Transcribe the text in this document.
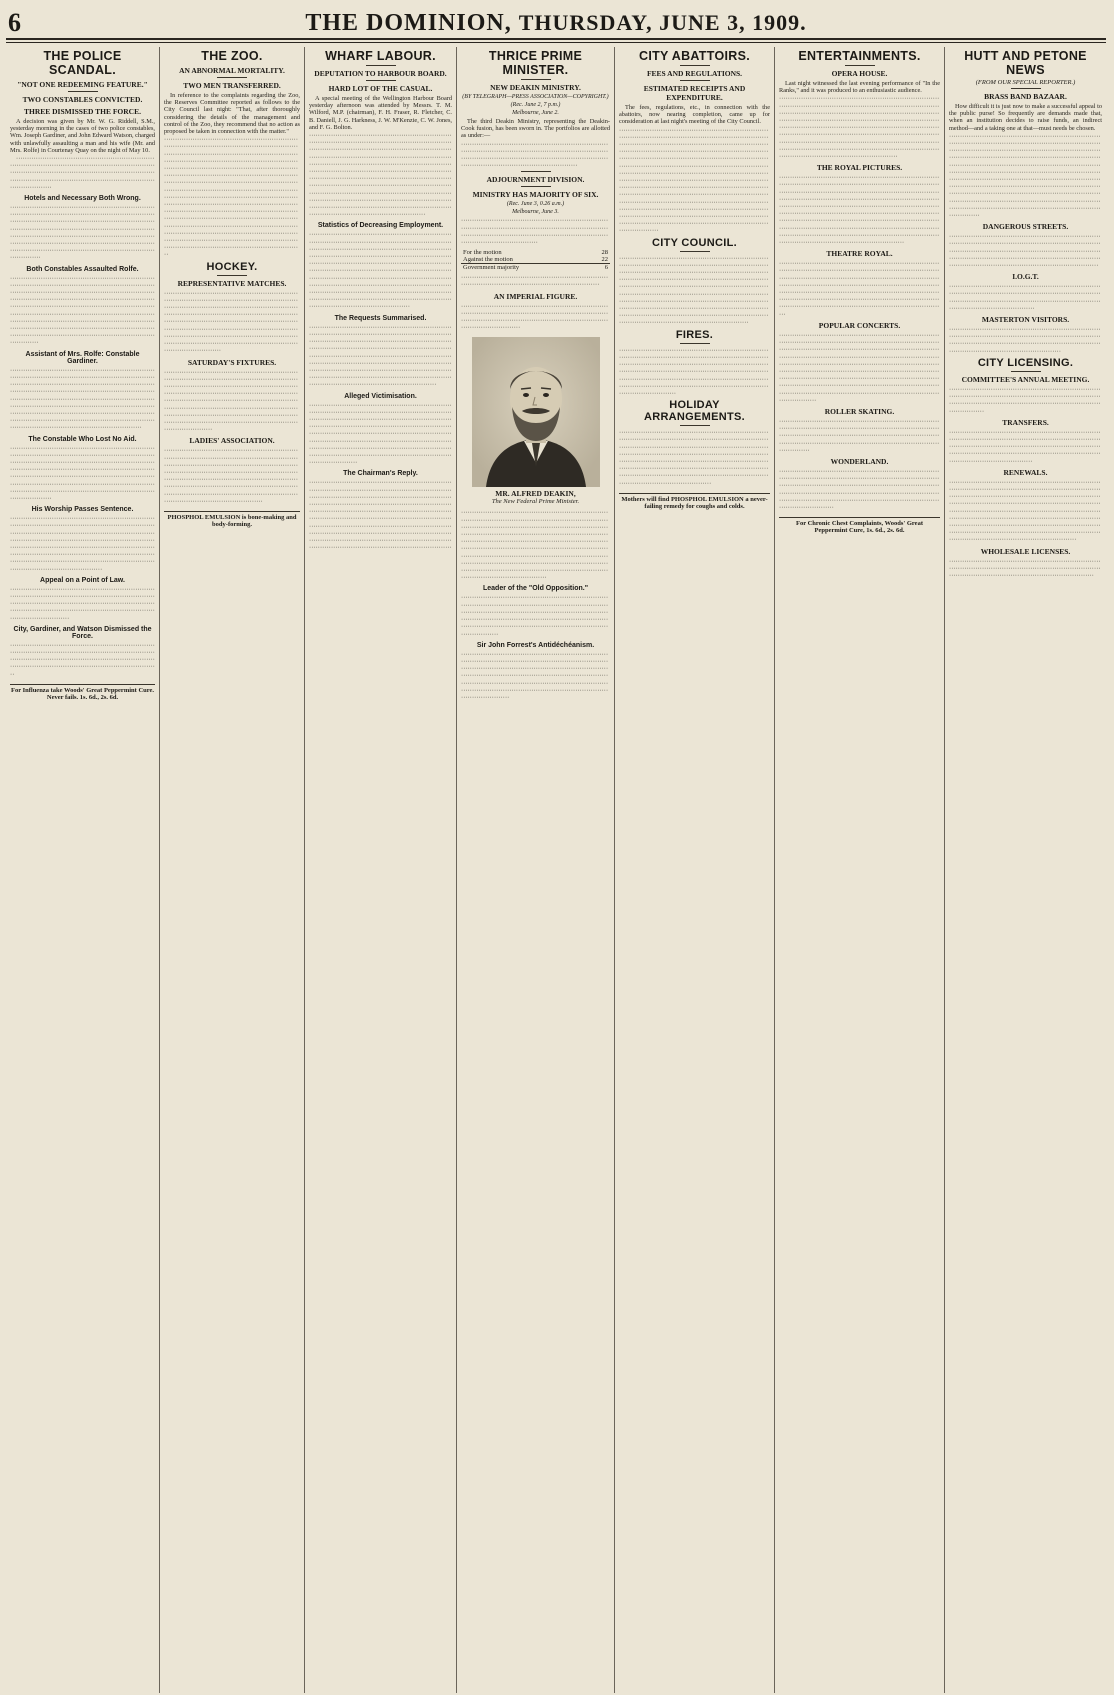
6	THE DOMINION, THURSDAY, JUNE 3, 1909.
THE POLICE SCANDAL.
"NOT ONE REDEEMING FEATURE."
TWO CONSTABLES CONVICTED.
THREE DISMISSED THE FORCE.

A decision was given by Mr. W. G. Riddell, S.M., yesterday morning in the cases of two police constables, Wm. Joseph Gardiner, and John Edward Watson, charged with unlawfully assaulting a man and his wife (Mr. and Mrs. Rolfe) in Courtenay Quay on the night of May 10.

························································································································································································································································································

Hotels and Necessary Both Wrong.

····························································································································································································································································································································································································································································································

Both Constables Assaulted Rolfe.

·······························································································································································································································································································································································································································································································································································································································

Assistant of Mrs. Rolfe: Constable Gardiner.

············································································································································································································································································································································································································································································································································································································

The Constable Who Lost No Aid.

·································································································································································································································································································································································································································································································

His Worship Passes Sentence.

························································································································································································································································································································································································································································································································

Appeal on a Point of Law.

···································································································································································································································································································

City, Gardiner, and Watson Dismissed the Force.

··········································································································································································································································································

For Influenza take Woods' Great Peppermint Cure. Never fails. 1s. 6d., 2s. 6d.
THE ZOO.
AN ABNORMAL MORTALITY.
TWO MEN TRANSFERRED.

In reference to the complaints regarding the Zoo, the Reserves Committee reported as follows to the City Council last night: "That, after thoroughly considering the details of the management and control of the Zoo, they recommend that no action as proposed be taken in connection with the matter."

··················································································································································································································································································································································································································································································································································································································································································································································································································································································································································································································

HOCKEY.
REPRESENTATIVE MATCHES.

··································································································································································································································································································································································································································································································································

SATURDAY'S FIXTURES.

······························································································································································································································································································································································································································································································································

LADIES' ASSOCIATION.

························································································································································································································································································································································································································································································

PHOSPHOL EMULSION is bone-making and body-forming.
WHARF LABOUR.
DEPUTATION TO HARBOUR BOARD.
HARD LOT OF THE CASUAL.

A special meeting of the Wellington Harbour Board yesterday afternoon was attended by Messrs. T. M. Wilford, M.P. (chairman), F. H. Fraser, R. Fletcher, C. B. Daniell, J. G. Harkness, J. W. M'Kenzie, C. W. Jones, and F. G. Bolton.

································································································································································································································································································································································································································································································································································································································································································································································································

Statistics of Decreasing Employment.

························································································································································································································································································································································································································································································································································································································································································································

The Requests Summarised.

··································································································································································································································································································································································································································································································································································································

Alleged Victimisation.

······························································································································································································································································································································································································································································································································································

The Chairman's Reply.

··········································································································································································································································································································································································································································································································································································································································································

THRICE PRIME MINISTER.
NEW DEAKIN MINISTRY.
(BY TELEGRAPH—PRESS ASSOCIATION—COPYRIGHT.)
(Rec. June 2, 7 p.m.)
Melbourne, June 2.

The third Deakin Ministry, representing the Deakin-Cook fusion, has been sworn in. The portfolios are allotted as under:—

······························································································································································································································································

ADJOURNMENT DIVISION.
MINISTRY HAS MAJORITY OF SIX.
(Rec. June 3, 0.26 a.m.)
Melbourne, June 3.

············································································································································································································································

For the motion	28
Against the motion	22
Government majority	6

··································································································································

AN IMPERIAL FIGURE.

····································································································································································································································

MR. ALFRED DEAKIN,
The New Federal Prime Minister.

··································································································································································································································································································································································································································································································································································································································································

Leader of the "Old Opposition."

································································································································································································································································································································································

Sir John Forrest's Antidéchéanism.

········································································································································································································································································································································································································································

CITY ABATTOIRS.
FEES AND REGULATIONS.
ESTIMATED RECEIPTS AND EXPENDITURE.

The fees, regulations, etc., in connection with the abattoirs, now nearing completion, came up for consideration at last night's meeting of the City Council.

··········································································································································································································································································································································································································································································································································································································································································································································································································································································································································································································

CITY COUNCIL.

·······························································································································································································································································································································································································································································································································································································································································································

FIRES.

··················································································································································································································································································································································································································································

HOLIDAY ARRANGEMENTS.

······································································································································································································································································································································································································································································································································

Mothers will find PHOSPHOL EMULSION a never-failing remedy for coughs and colds.
ENTERTAINMENTS.
OPERA HOUSE.

Last night witnessed the last evening performance of "In the Ranks," and it was produced to an enthusiastic audience.

······························································································································································································································································································································································································································································································································································································································································

THE ROYAL PICTURES.

··········································································································································································································································································································································································································································································································································································································································································································································

THEATRE ROYAL.

··································································································································································································································································································································································································································································································································

POPULAR CONCERTS.

··································································································································································································································································································································································································································································································································································································································································································

ROLLER SKATING.

··················································································································································································································································································································

WONDERLAND.

······································································································································································································································································································································································································

For Chronic Chest Complaints, Woods' Great Peppermint Cure, 1s. 6d., 2s. 6d.
HUTT AND PETONE NEWS
(FROM OUR SPECIAL REPORTER.)
BRASS BAND BAZAAR.

How difficult it is just now to make a successful appeal to the public purse! So frequently are demands made that, when an institution decides to raise funds, an indirect method—and a taking one at that—must needs be chosen.

·····································································································································································································································································································································································································································································································································································································································································································································································································

DANGEROUS STREETS.

························································································································································································································································································································································

I.O.G.T.

······················································································································································································································································

MASTERTON VISITORS.

··································································································································································································································································

CITY LICENSING.
COMMITTEE'S ANNUAL MEETING.

·······························································································································································································································

TRANSFERS.

··························································································································································································································································································································

RENEWALS.

··································································································································································································································································································································································································································································································································································································································

WHOLESALE LICENSES.

············································································································································································································
